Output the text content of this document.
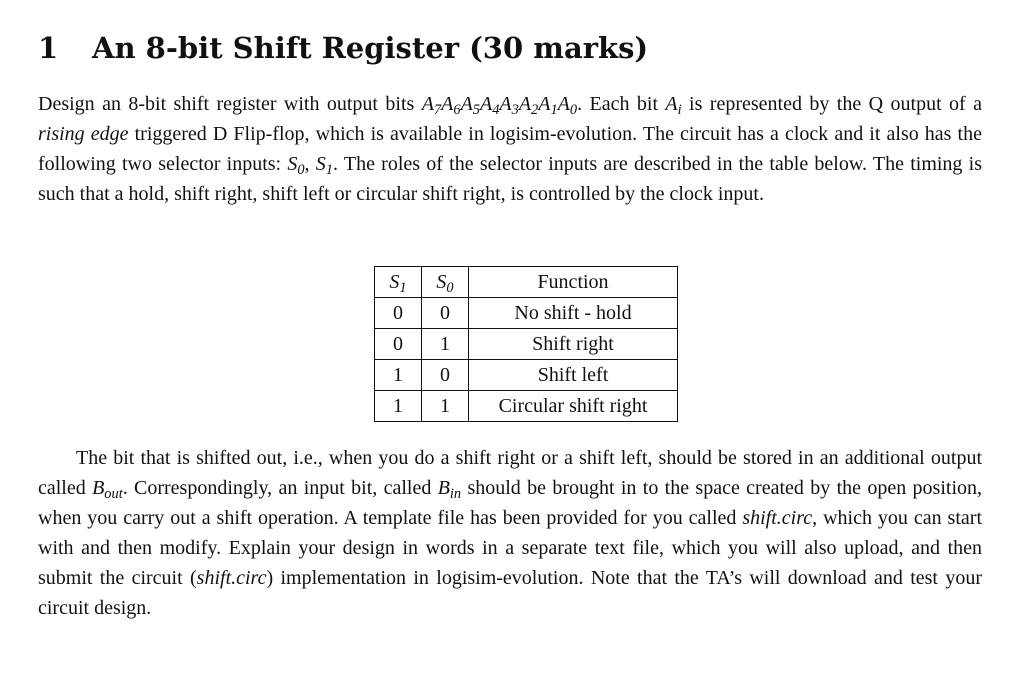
1 An 8-bit Shift Register (30 marks)

Design an 8-bit shift register with output bits $A_7A_6A_5A_4A_3A_2A_1A_0$. Each bit $A_i$ is represented by the Q output of a rising edge triggered D Flip-flop, which is available in logisim-evolution. The circuit has a clock and it also has the following two selector inputs: $S_0$, $S_1$. The roles of the selector inputs are described in the table below. The timing is such that a hold, shift right, shift left or circular shift right, is controlled by the clock input.

$S_1$	$S_0$	Function
0	0	No shift - hold
0	1	Shift right
1	0	Shift left
1	1	Circular shift right

The bit that is shifted out, i.e., when you do a shift right or a shift left, should be stored in an additional output called $B_{out}$. Correspondingly, an input bit, called $B_{in}$ should be brought in to the space created by the open position, when you carry out a shift operation. A template file has been provided for you called shift.circ, which you can start with and then modify. Explain your design in words in a separate text file, which you will also upload, and then submit the circuit (shift.circ) implementation in logisim-evolution. Note that the TA’s will download and test your circuit design.
